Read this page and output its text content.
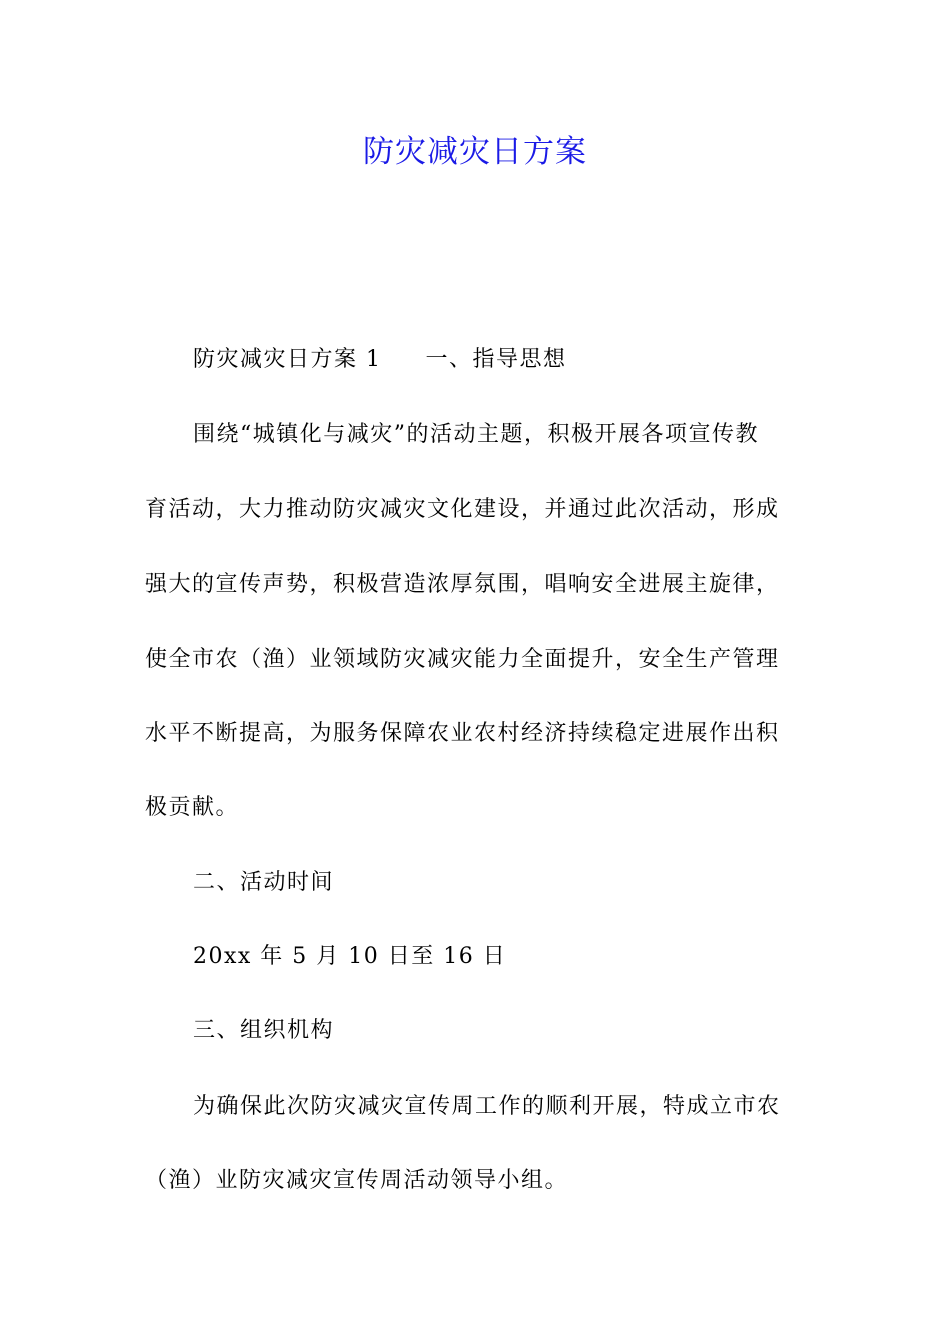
防灾减灾日方案
防灾减灾日方案 1 一、指导思想
围绕“城镇化与减灾”的活动主题，积极开展各项宣传教
育活动，大力推动防灾减灾文化建设，并通过此次活动，形成
强大的宣传声势，积极营造浓厚氛围，唱响安全进展主旋律，
使全市农（渔）业领域防灾减灾能力全面提升，安全生产管理
水平不断提高，为服务保障农业农村经济持续稳定进展作出积
极贡献。
二、活动时间
20xx 年 5 月 10 日至 16 日
三、组织机构
为确保此次防灾减灾宣传周工作的顺利开展，特成立市农
（渔）业防灾减灾宣传周活动领导小组。
